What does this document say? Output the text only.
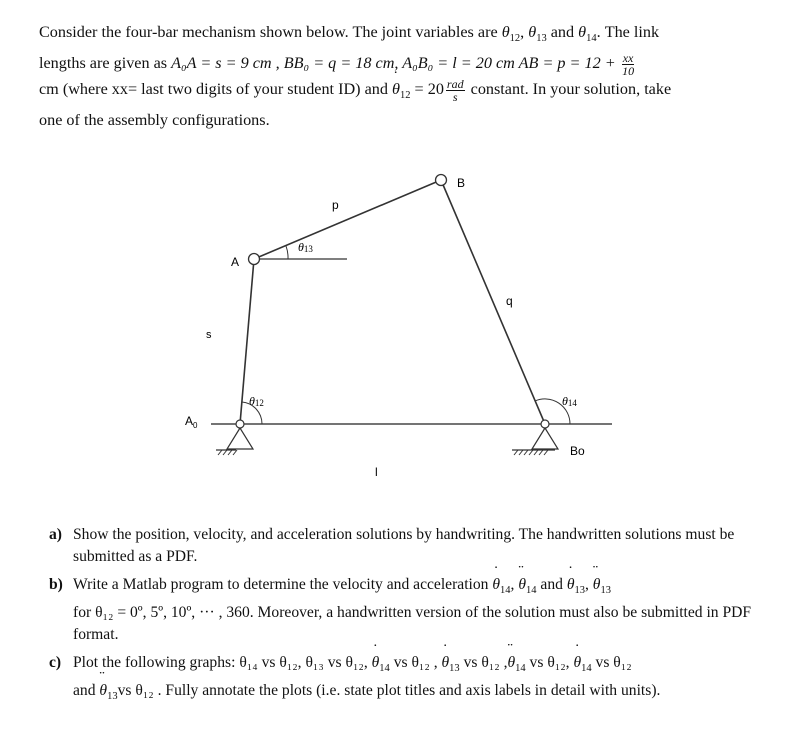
Consider the four-bar mechanism shown below. The joint variables are $\theta_{12}$, $\theta_{13}$ and $\theta_{14}$. The link
lengths are given as A₀A = s = 9 cm , BB₀ = q = 18 cm, A₀B₀ = l = 20 cm AB = $p = 12 + \frac{xx}{10}$
cm (where xx= last two digits of your student ID) and ˙ $\theta_{12} = 20 \frac{\text{rad}}{s}$ constant. In your solution, take
one of the assembly configurations.
$A_0$
A
B
Bo
p
q
s
l
θ12
θ13
θ14
a) Show the position, velocity, and acceleration solutions by handwriting. The handwritten solutions must be submitted as a PDF.
b) Write a Matlab program to determine the velocity and acceleration ˙ $\theta_{14}$, ¨ $\theta_{14}$ and ˙ $\theta_{13}$, ¨ $\theta_{13}$
for θ₁₂ = 0º, 5º, 10º, ··· , 360. Moreover, a handwritten version of the solution must also be submitted in PDF format.
c) Plot the following graphs: θ₁₄ vs θ₁₂, θ₁₃ vs θ₁₂, ˙ $\theta_{14}$ vs θ₁₂ , ˙ $\theta_{13}$ vs θ₁₂ ,¨ $\theta_{14}$ vs θ₁₂, ˙ $\theta_{14}$ vs θ₁₂
and ¨ $\theta_{13}vs$ θ₁₂ . Fully annotate the plots (i.e. state plot titles and axis labels in detail with units).
